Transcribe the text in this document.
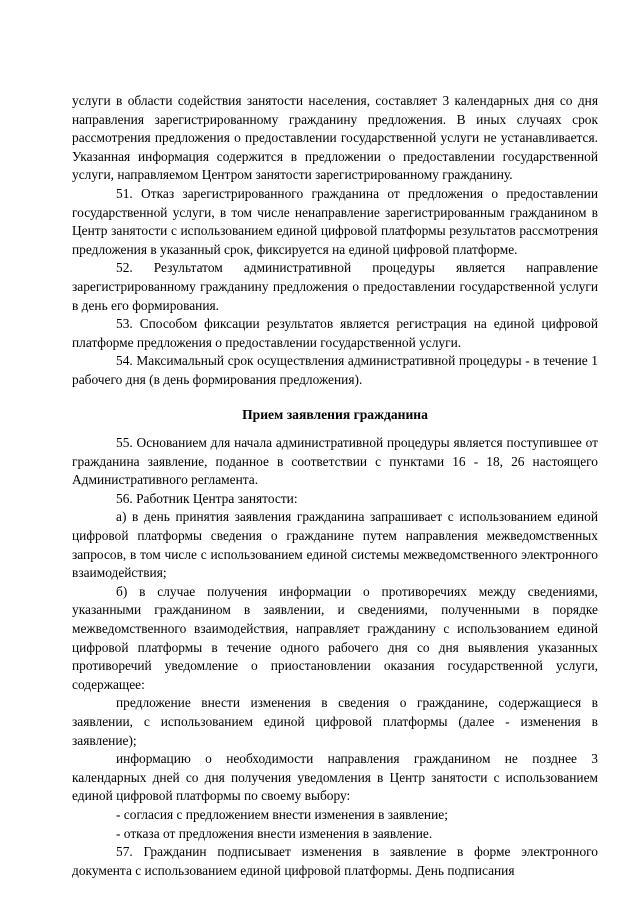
услуги в области содействия занятости населения, составляет 3 календарных дня со дня направления зарегистрированному гражданину предложения. В иных случаях срок рассмотрения предложения о предоставлении государственной услуги не устанавливается. Указанная информация содержится в предложении о предоставлении государственной услуги, направляемом Центром занятости зарегистрированному гражданину.

51. Отказ зарегистрированного гражданина от предложения о предоставлении государственной услуги, в том числе ненаправление зарегистрированным гражданином в Центр занятости с использованием единой цифровой платформы результатов рассмотрения предложения в указанный срок, фиксируется на единой цифровой платформе.

52. Результатом административной процедуры является направление зарегистрированному гражданину предложения о предоставлении государственной услуги в день его формирования.

53. Способом фиксации результатов является регистрация на единой цифровой платформе предложения о предоставлении государственной услуги.

54. Максимальный срок осуществления административной процедуры - в течение 1 рабочего дня (в день формирования предложения).

Прием заявления гражданина

55. Основанием для начала административной процедуры является поступившее от гражданина заявление, поданное в соответствии с пунктами 16 - 18, 26 настоящего Административного регламента.

56. Работник Центра занятости:

а) в день принятия заявления гражданина запрашивает с использованием единой цифровой платформы сведения о гражданине путем направления межведомственных запросов, в том числе с использованием единой системы межведомственного электронного взаимодействия;

б) в случае получения информации о противоречиях между сведениями, указанными гражданином в заявлении, и сведениями, полученными в порядке межведомственного взаимодействия, направляет гражданину с использованием единой цифровой платформы в течение одного рабочего дня со дня выявления указанных противоречий уведомление о приостановлении оказания государственной услуги, содержащее:

предложение внести изменения в сведения о гражданине, содержащиеся в заявлении, с использованием единой цифровой платформы (далее - изменения в заявление);

информацию о необходимости направления гражданином не позднее 3 календарных дней со дня получения уведомления в Центр занятости с использованием единой цифровой платформы по своему выбору:

- согласия с предложением внести изменения в заявление;

- отказа от предложения внести изменения в заявление.

57. Гражданин подписывает изменения в заявление в форме электронного документа с использованием единой цифровой платформы. День подписания
